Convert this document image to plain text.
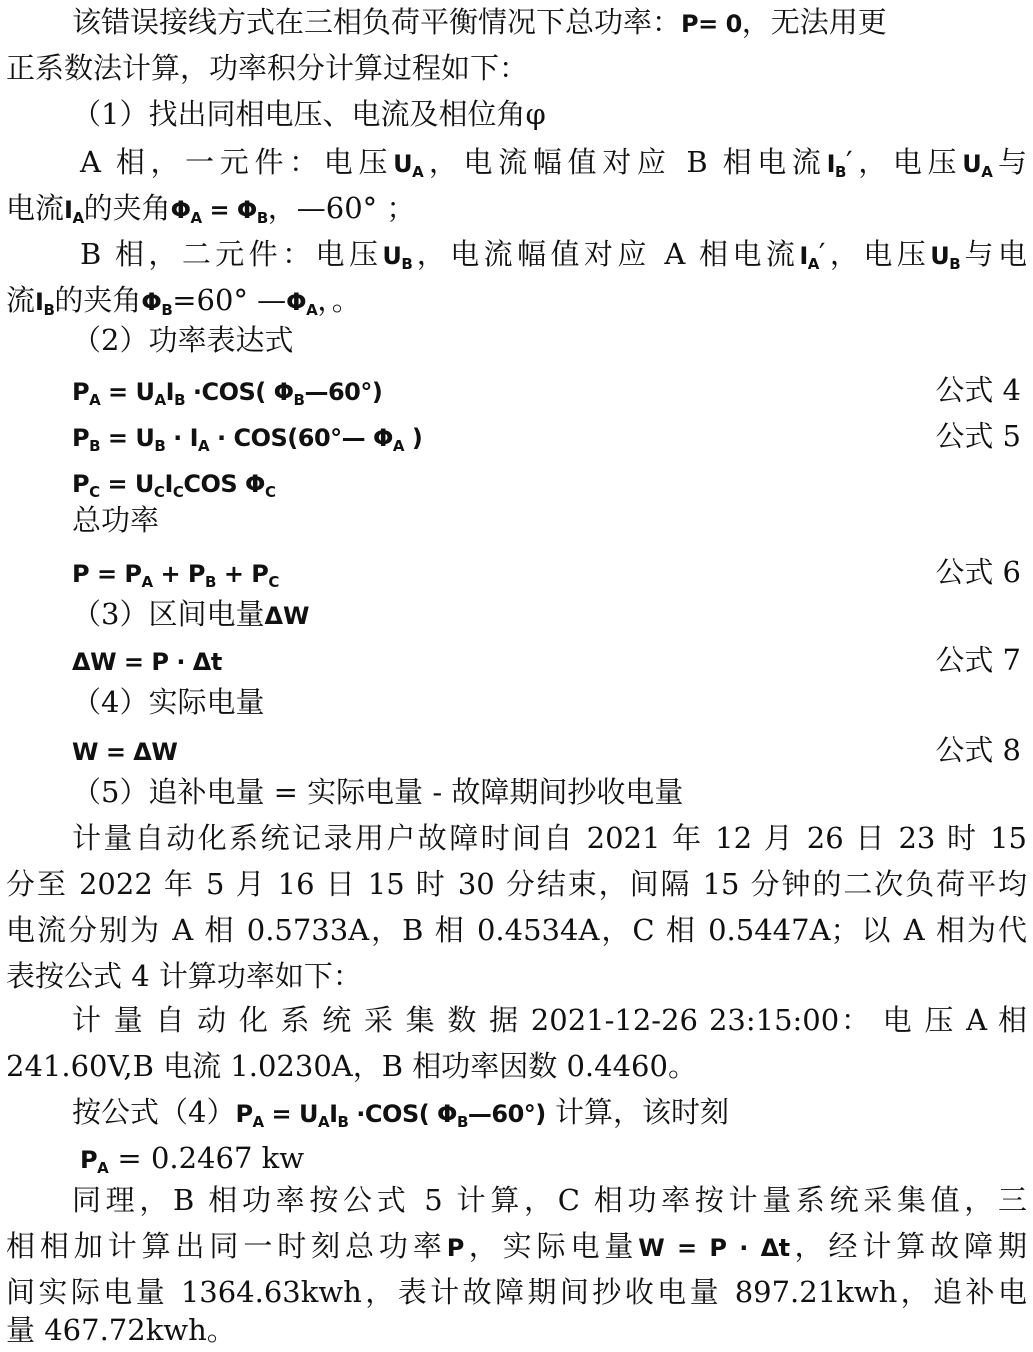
该错误接线方式在三相负荷平衡情况下总功率：P= 0，无法用更
正系数法计算，功率积分计算过程如下：
（1）找出同相电压、电流及相位角φ
A 相，一元件：电压$U_A$，电流幅值对应 B 相电流$I_B'$，电压$U_A$与
电流$I_A$的夹角$\Phi_A = \Phi_B$，—60° ；
B 相，二元件：电压$U_B$，电流幅值对应 A 相电流$I_A'$，电压$U_B$与电
流$I_B$的夹角$\Phi_B=60^\circ$ $—\Phi_A$，。
（2）功率表达式
$P_A = U_AI_B \cdot COS$( $\Phi_B—60^\circ$)	公式 4
$P_B = U_B \cdot I_A$ · COS(60°— $\Phi_A$ )	公式 5
$P_C = U_CI_CCOS$ $\Phi_C$
总功率
$P = P_A + P_B + P_C$	公式 6
（3）区间电量ΔW
ΔW = P · Δt	公式 7
（4）实际电量
W = ΔW	公式 8
（5）追补电量 = 实际电量 - 故障期间抄收电量
计量自动化系统记录用户故障时间自 2021 年 12 月 26 日 23 时 15
分至 2022 年 5 月 16 日 15 时 30 分结束，间隔 15 分钟的二次负荷平均
电流分别为 A 相 0.5733A，B 相 0.4534A，C 相 0.5447A；以 A 相为代
表按公式 4 计算功率如下：
计 量 自 动 化 系 统 采 集 数 据 2021-12-26 23:15:00： 电 压 A 相
241.60V,B 电流 1.0230A，B 相功率因数 0.4460。
按公式$(4)P_A = U_AI_B \cdot COS$( $\Phi_B—60^\circ$) 计算，该时刻
$P_A = 0.2467$ kw
同理，B 相功率按公式 5 计算，C 相功率按计量系统采集值，三
相相加计算出同一时刻总功率P，实际电量W = P · Δt，经计算故障期
间实际电量 1364.63kwh，表计故障期间抄收电量 897.21kwh，追补电
量 467.72kwh。
